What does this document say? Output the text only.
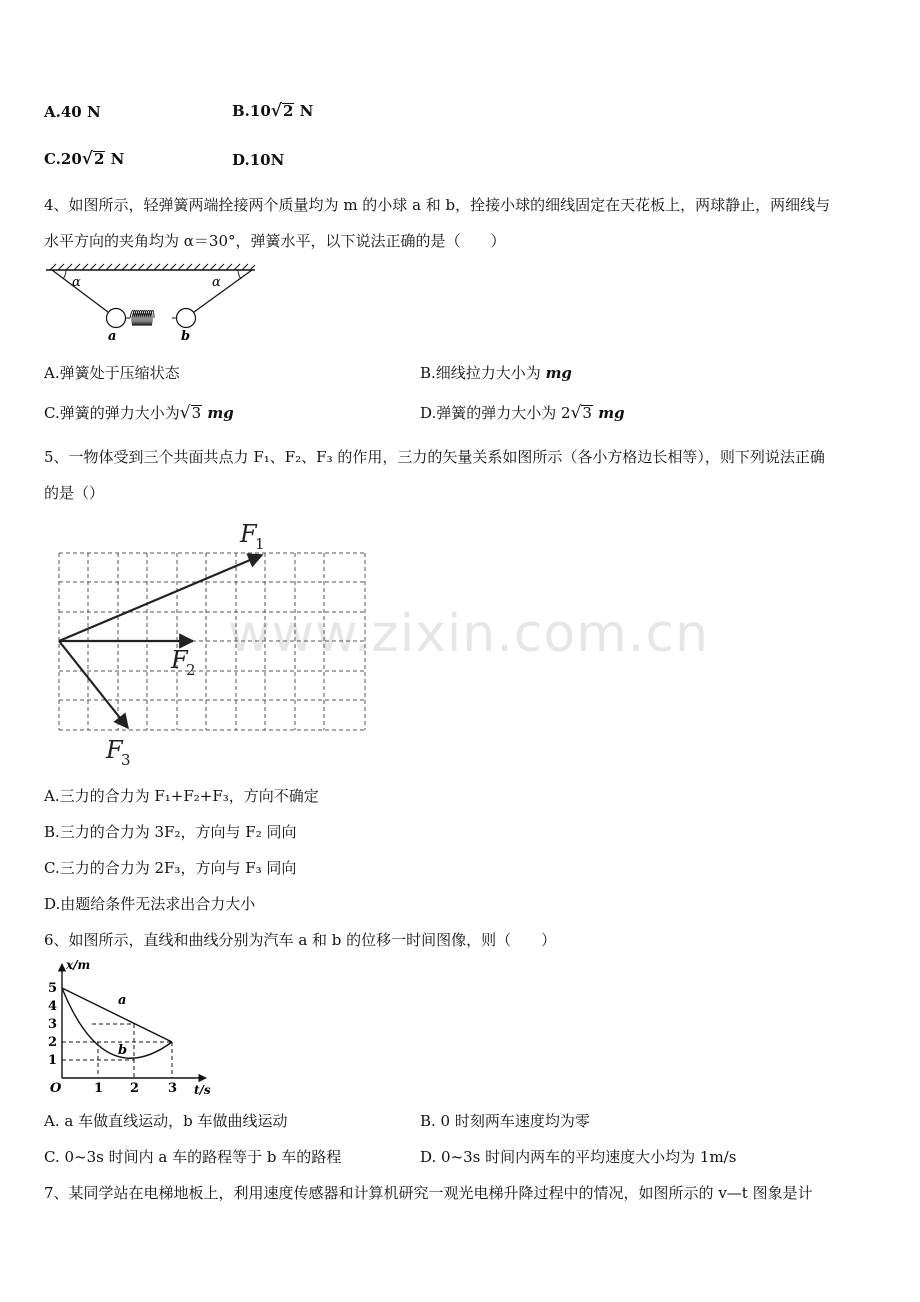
www.zixin.com.cn
A.40 N	B.10√2 N
C.20√2 N	D.10N
4、如图所示，轻弹簧两端拴接两个质量均为 m 的小球 a 和 b，拴接小球的细线固定在天花板上，两球静止，两细线与
水平方向的夹角均为 α＝30°，弹簧水平，以下说法正确的是（　　）
α	α
a	b
A.弹簧处于压缩状态	B.细线拉力大小为 mg
C.弹簧的弹力大小为√3 mg	D.弹簧的弹力大小为 2√3 mg
5、一物体受到三个共面共点力 F₁、F₂、F₃ 的作用，三力的矢量关系如图所示（各小方格边长相等），则下列说法正确
的是（）
F
1
F
2
F
3
A.三力的合力为 F₁+F₂+F₃，方向不确定
B.三力的合力为 3F₂，方向与 F₂ 同向
C.三力的合力为 2F₃，方向与 F₃ 同向
D.由题给条件无法求出合力大小
6、如图所示，直线和曲线分别为汽车 a 和 b 的位移一时间图像，则（　　）
x/m
t/s
O
5
4
3
2
1
1 2 3
a
b
A. a 车做直线运动，b 车做曲线运动	B. 0 时刻两车速度均为零
C. 0~3s 时间内 a 车的路程等于 b 车的路程	D. 0~3s 时间内两车的平均速度大小均为 1m/s
7、某同学站在电梯地板上，利用速度传感器和计算机研究一观光电梯升降过程中的情况，如图所示的 v—t 图象是计
